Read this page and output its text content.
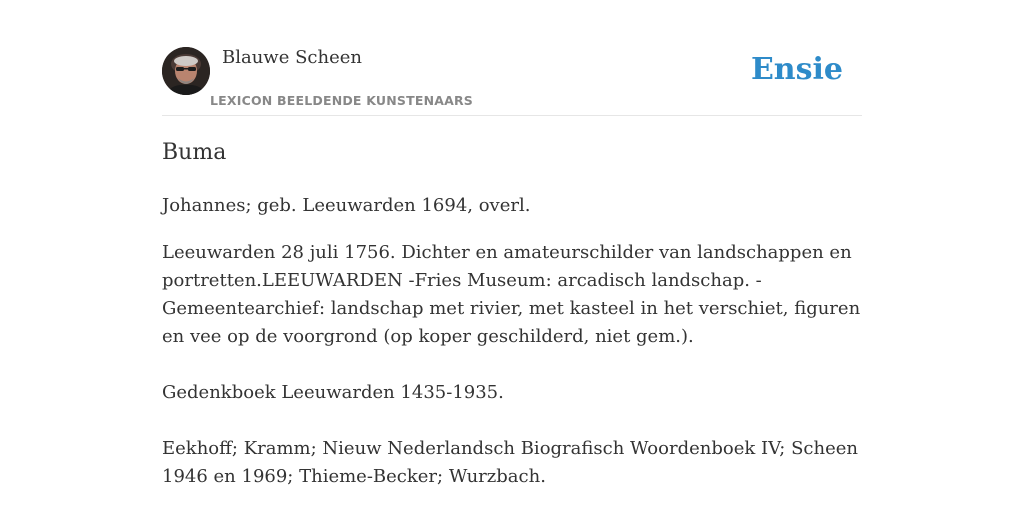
Blauwe Scheen
LEXICON BEELDENDE KUNSTENAARS
Ensie
Buma

Johannes; geb. Leeuwarden 1694, overl.

Leeuwarden 28 juli 1756. Dichter en amateurschilder van landschappen en portretten.LEEUWARDEN -Fries Museum: arcadisch landschap. -Gemeentearchief: landschap met rivier, met kasteel in het verschiet, figuren en vee op de voorgrond (op koper geschilderd, niet gem.).

Gedenkboek Leeuwarden 1435-1935.

Eekhoff; Kramm; Nieuw Nederlandsch Biografisch Woordenboek IV; Scheen 1946 en 1969; Thieme-Becker; Wurzbach.
